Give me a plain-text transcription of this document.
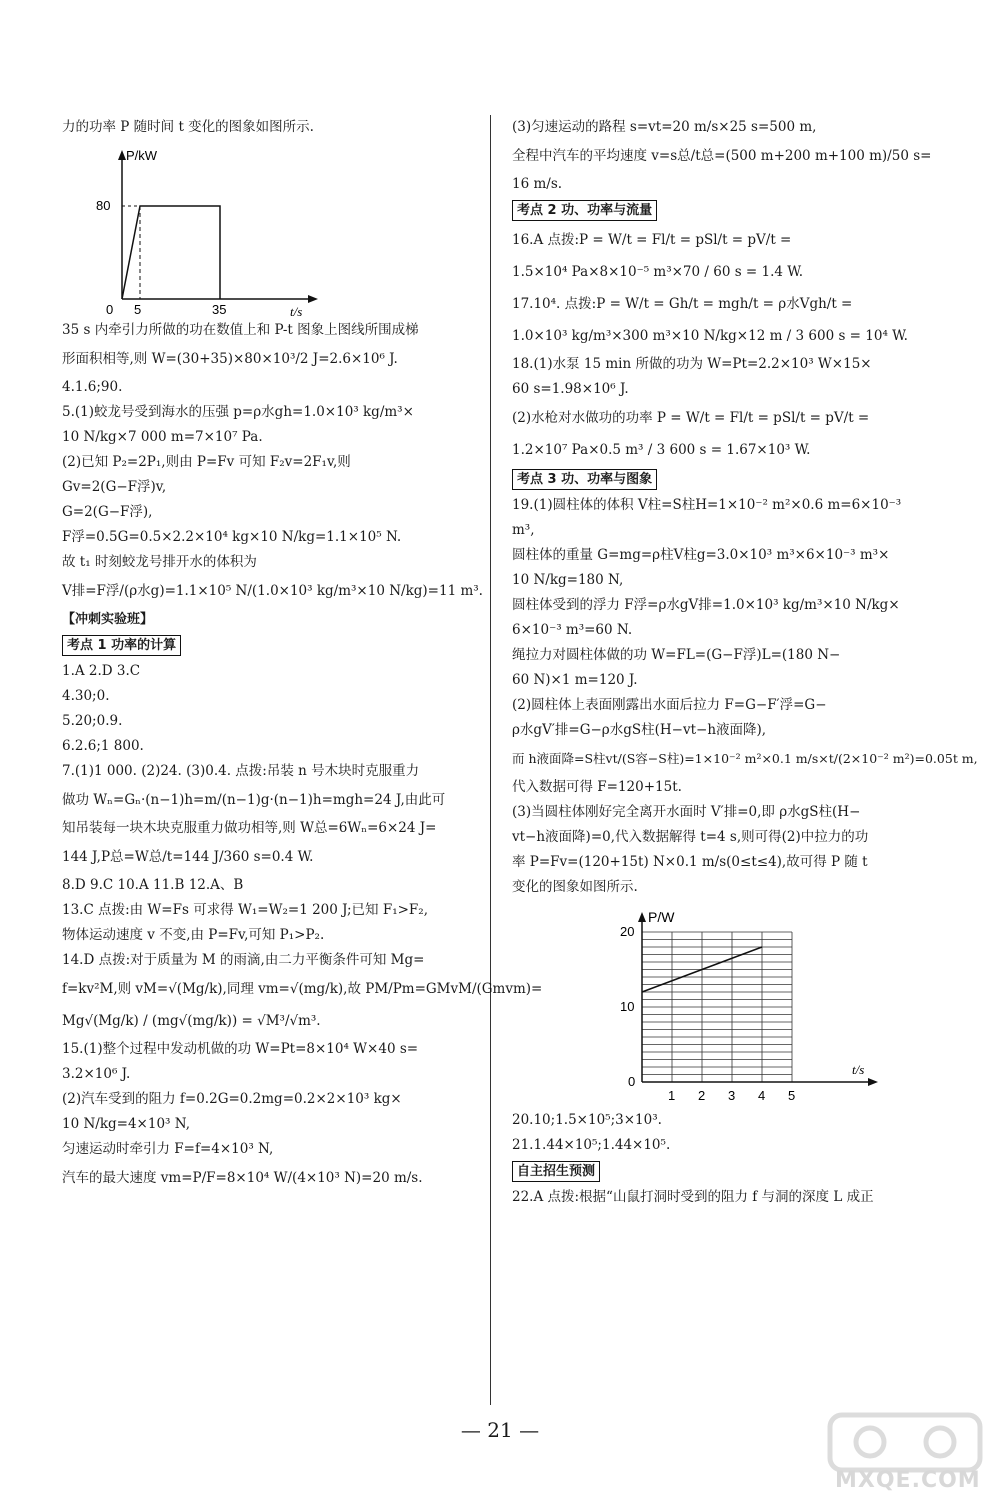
力的功率 P 随时间 t 变化的图象如图所示.
P/kW
80
0 5	35	t/s
35 s 内牵引力所做的功在数值上和 P-t 图象上图线所围成梯
形面积相等,则 W=(30+35)×80×10³/2 J=2.6×10⁶ J.
4.1.6;90.
5.(1)蛟龙号受到海水的压强 p=ρ水gh=1.0×10³ kg/m³×
10 N/kg×7 000 m=7×10⁷ Pa.
(2)已知 P₂=2P₁,则由 P=Fv 可知 F₂v=2F₁v,则
Gv=2(G−F浮)v,
G=2(G−F浮),
F浮=0.5G=0.5×2.2×10⁴ kg×10 N/kg=1.1×10⁵ N.
故 t₁ 时刻蛟龙号排开水的体积为
V排=F浮/(ρ水g)=1.1×10⁵ N/(1.0×10³ kg/m³×10 N/kg)=11 m³.
【冲刺实验班】
考点 1 功率的计算
1.A 2.D 3.C
4.30;0.
5.20;0.9.
6.2.6;1 800.
7.(1)1 000. (2)24. (3)0.4. 点拨:吊装 n 号木块时克服重力
做功 Wₙ=Gₙ·(n−1)h=m/(n−1)g·(n−1)h=mgh=24 J,由此可
知吊装每一块木块克服重力做功相等,则 W总=6Wₙ=6×24 J=
144 J,P总=W总/t=144 J/360 s=0.4 W.
8.D 9.C 10.A 11.B 12.A、B
13.C 点拨:由 W=Fs 可求得 W₁=W₂=1 200 J;已知 F₁>F₂,
物体运动速度 v 不变,由 P=Fv,可知 P₁>P₂.
14.D 点拨:对于质量为 M 的雨滴,由二力平衡条件可知 Mg=
f=kv²M,则 vM=√(Mg/k),同理 vm=√(mg/k),故 PM/Pm=GMvM/(Gmvm)=
Mg√(Mg/k) / (mg√(mg/k)) = √M³/√m³.
15.(1)整个过程中发动机做的功 W=Pt=8×10⁴ W×40 s=
3.2×10⁶ J.
(2)汽车受到的阻力 f=0.2G=0.2mg=0.2×2×10³ kg×
10 N/kg=4×10³ N,
匀速运动时牵引力 F=f=4×10³ N,
汽车的最大速度 vm=P/F=8×10⁴ W/(4×10³ N)=20 m/s.
(3)匀速运动的路程 s=vt=20 m/s×25 s=500 m,
全程中汽车的平均速度 v=s总/t总=(500 m+200 m+100 m)/50 s=
16 m/s.
考点 2 功、功率与流量
16.A 点拨:P = W/t = Fl/t = pSl/t = pV/t =
1.5×10⁴ Pa×8×10⁻⁵ m³×70 / 60 s = 1.4 W.
17.10⁴. 点拨:P = W/t = Gh/t = mgh/t = ρ水Vgh/t =
1.0×10³ kg/m³×300 m³×10 N/kg×12 m / 3 600 s = 10⁴ W.
18.(1)水泵 15 min 所做的功为 W=Pt=2.2×10³ W×15×
60 s=1.98×10⁶ J.
(2)水枪对水做功的功率 P = W/t = Fl/t = pSl/t = pV/t =
1.2×10⁷ Pa×0.5 m³ / 3 600 s = 1.67×10³ W.
考点 3 功、功率与图象
19.(1)圆柱体的体积 V柱=S柱H=1×10⁻² m²×0.6 m=6×10⁻³
m³,
圆柱体的重量 G=mg=ρ柱V柱g=3.0×10³ m³×6×10⁻³ m³×
10 N/kg=180 N,
圆柱体受到的浮力 F浮=ρ水gV排=1.0×10³ kg/m³×10 N/kg×
6×10⁻³ m³=60 N.
绳拉力对圆柱体做的功 W=FL=(G−F浮)L=(180 N−
60 N)×1 m=120 J.
(2)圆柱体上表面刚露出水面后拉力 F=G−F′浮=G−
ρ水gV′排=G−ρ水gS柱(H−vt−h液面降),
而 h液面降=S柱vt/(S容−S柱)=1×10⁻² m²×0.1 m/s×t/(2×10⁻² m²)=0.05t m,
代入数据可得 F=120+15t.
(3)当圆柱体刚好完全离开水面时 V′排=0,即 ρ水gS柱(H−
vt−h液面降)=0,代入数据解得 t=4 s,则可得(2)中拉力的功
率 P=Fv=(120+15t) N×0.1 m/s(0≤t≤4),故可得 P 随 t
变化的图象如图所示.
P/W
20
10
0
1 2 3 4 5
t/s
20.10;1.5×10⁵;3×10³.
21.1.44×10⁵;1.44×10⁵.
自主招生预测
22.A 点拨:根据“山鼠打洞时受到的阻力 f 与洞的深度 L 成正
— 21 —
MXQE.COM
